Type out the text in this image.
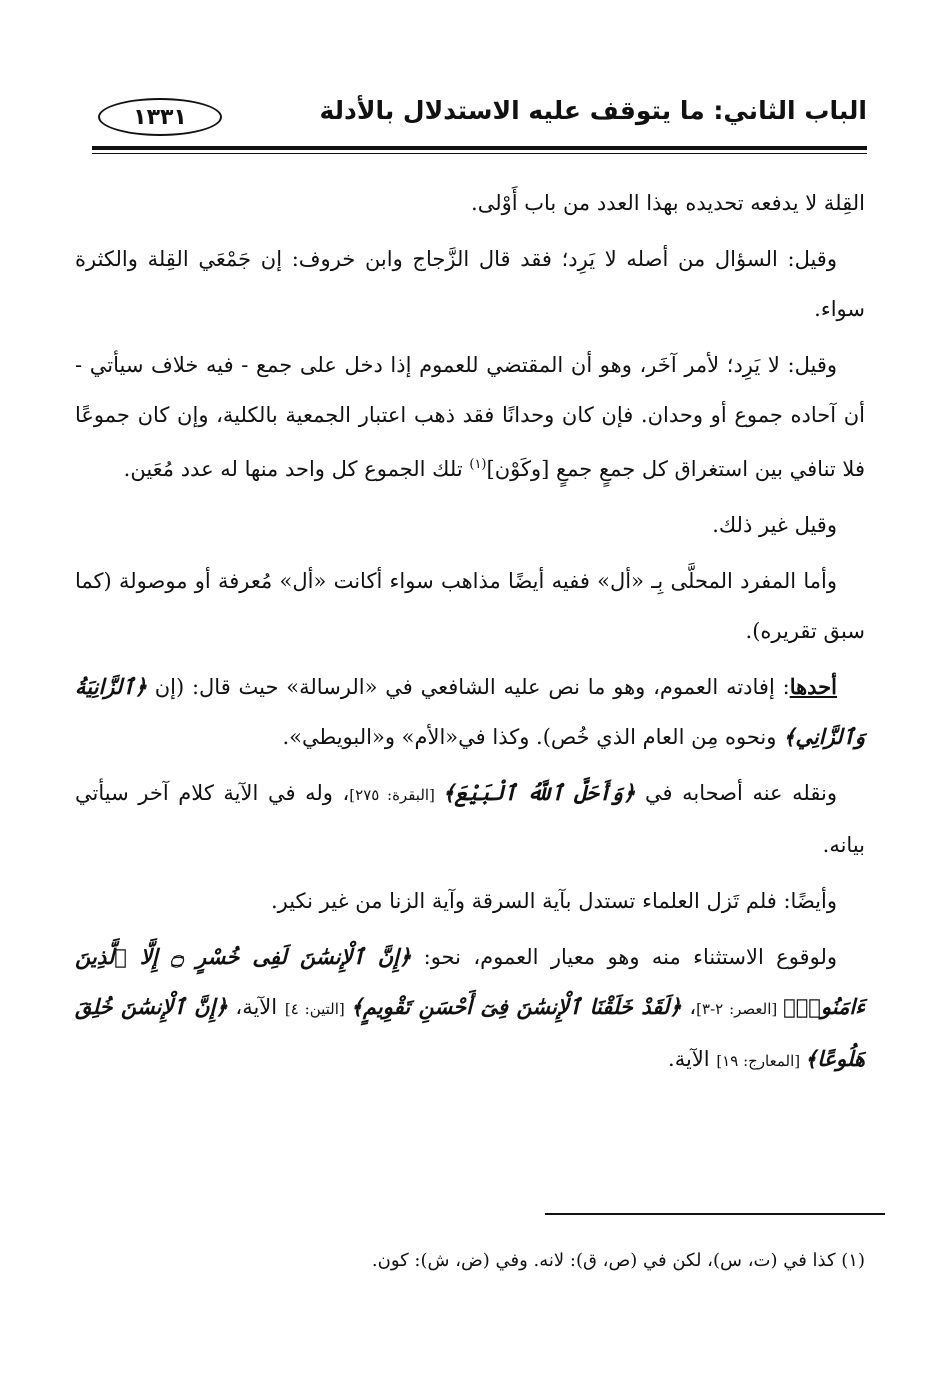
الباب الثاني: ما يتوقف عليه الاستدلال بالأدلة
١٣٣١

القِلة لا يدفعه تحديده بهذا العدد من باب أَوْلى.

وقيل: السؤال من أصله لا يَرِد؛ فقد قال الزَّجاج وابن خروف: إن جَمْعَي القِلة والكثرة سواء.

وقيل: لا يَرِد؛ لأمر آخَر، وهو أن المقتضي للعموم إذا دخل على جمع - فيه خلاف سيأتي - أن آحاده جموع أو وحدان. فإن كان وحدانًا فقد ذهب اعتبار الجمعية بالكلية، وإن كان جموعًا فلا تنافي بين استغراق كل جمعٍ جمعٍ [وكَوْن]$^{(١)}$ تلك الجموع كل واحد منها له عدد مُعَين.

وقيل غير ذلك.

وأما المفرد المحلَّى بِـ «أل» ففيه أيضًا مذاهب سواء أكانت «أل» مُعرفة أو موصولة (كما سبق تقريره).

أحدها: إفادته العموم، وهو ما نص عليه الشافعي في «الرسالة» حيث قال: (إن ﴿ٱلزَّانِيَةُ وَٱلزَّانِي﴾ ونحوه مِن العام الذي خُص). وكذا في«الأم» و«البويطي».

ونقله عنه أصحابه في ﴿وَأَحَلَّ ٱللَّهُ ٱلْبَيْعَ﴾ [البقرة: ٢٧٥]، وله في الآية كلام آخر سيأتي بيانه.

وأيضًا: فلم تَزل العلماء تستدل بآية السرقة وآية الزنا من غير نكير.

ولوقوع الاستثناء منه وهو معيار العموم، نحو: ﴿إِنَّ ٱلْإِنسَٰنَ لَفِى خُسْرٍ ۝ إِلَّا ٱلَّذِينَ ءَامَنُوا۟﴾ [العصر: ٢-٣]، ﴿لَقَدْ خَلَقْنَا ٱلْإِنسَٰنَ فِىٓ أَحْسَنِ تَقْوِيمٍ﴾ [التين: ٤] الآية، ﴿إِنَّ ٱلْإِنسَٰنَ خُلِقَ هَلُوعًا﴾ [المعارج: ١٩] الآية.

(١) كذا في (ت، س)، لكن في (ص، ق): لانه. وفي (ض، ش): كون.
